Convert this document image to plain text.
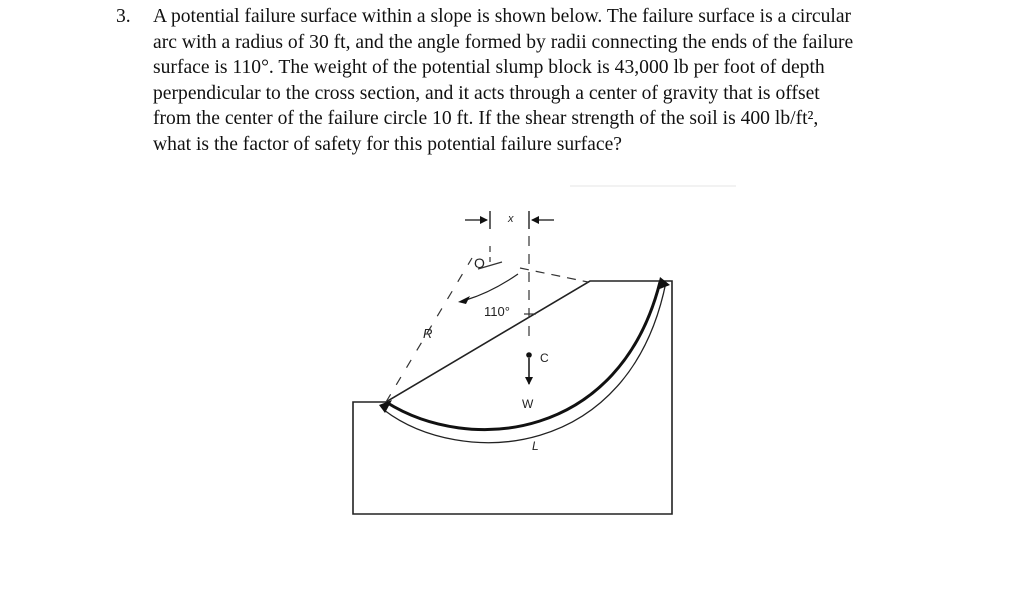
3. A potential failure surface within a slope is shown below. The failure surface is a circular
arc with a radius of 30 ft, and the angle formed by radii connecting the ends of the failure
surface is 110°. The weight of the potential slump block is 43,000 lb per foot of depth
perpendicular to the cross section, and it acts through a center of gravity that is offset
from the center of the failure circle 10 ft. If the shear strength of the soil is 400 lb/ft²,
what is the factor of safety for this potential failure surface?
x
O
110°
R
C
W
L
